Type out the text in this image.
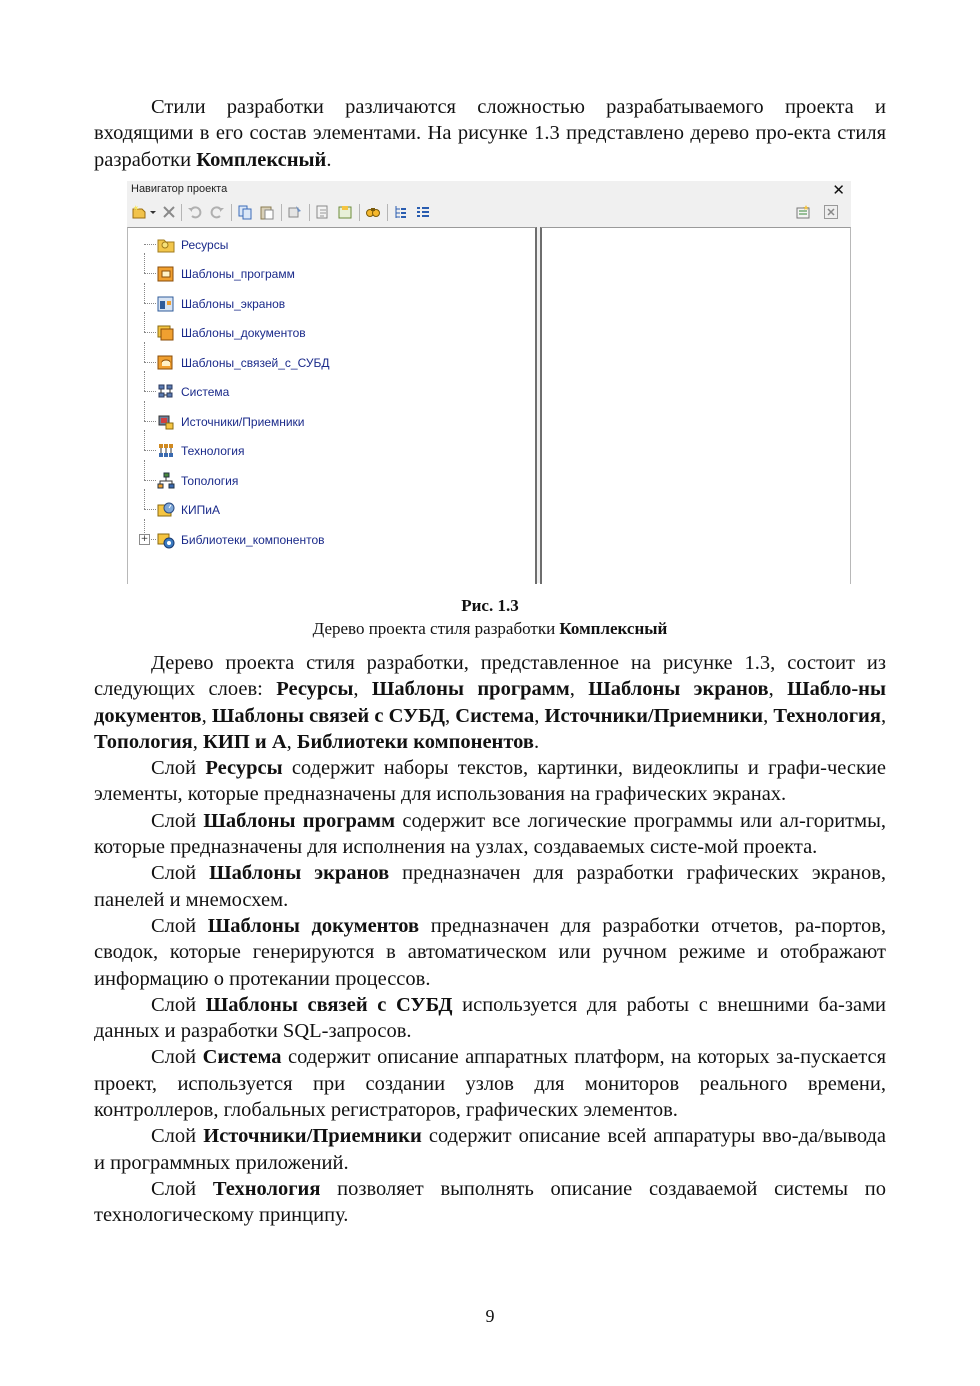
Стили разработки различаются сложностью разрабатываемого проекта и входящими в его состав элементами. На рисунке 1.3 представлено дерево про-екта стиля разработки Комплексный.

Навигатор проекта	✕
Ресурсы
Шаблоны_программ
Шаблоны_экранов
Шаблоны_документов
Шаблоны_связей_с_СУБД
Система
Источники/Приемники
Технология
Топология
КИПиА
+	Библиотеки_компонентов
Рис. 1.3
Дерево проекта стиля разработки Комплексный

Дерево проекта стиля разработки, представленное на рисунке 1.3, состоит из следующих слоев: Ресурсы, Шаблоны программ, Шаблоны экранов, Шабло-ны документов, Шаблоны связей с СУБД, Система, Источники/Приемники, Технология, Топология, КИП и А, Библиотеки компонентов.

Слой Ресурсы содержит наборы текстов, картинки, видеоклипы и графи-ческие элементы, которые предназначены для использования на графических экранах.

Слой Шаблоны программ содержит все логические программы или ал-горитмы, которые предназначены для исполнения на узлах, создаваемых систе-мой проекта.

Слой Шаблоны экранов предназначен для разработки графических экранов, панелей и мнемосхем.

Слой Шаблоны документов предназначен для разработки отчетов, ра-портов, сводок, которые генерируются в автоматическом или ручном режиме и отображают информацию о протекании процессов.

Слой Шаблоны связей с СУБД используется для работы с внешними ба-зами данных и разработки SQL-запросов.

Слой Система содержит описание аппаратных платформ, на которых за-пускается проект, используется при создании узлов для мониторов реального времени, контроллеров, глобальных регистраторов, графических элементов.

Слой Источники/Приемники содержит описание всей аппаратуры вво-да/вывода и программных приложений.

Слой Технология позволяет выполнять описание создаваемой системы по технологическому принципу.

9
